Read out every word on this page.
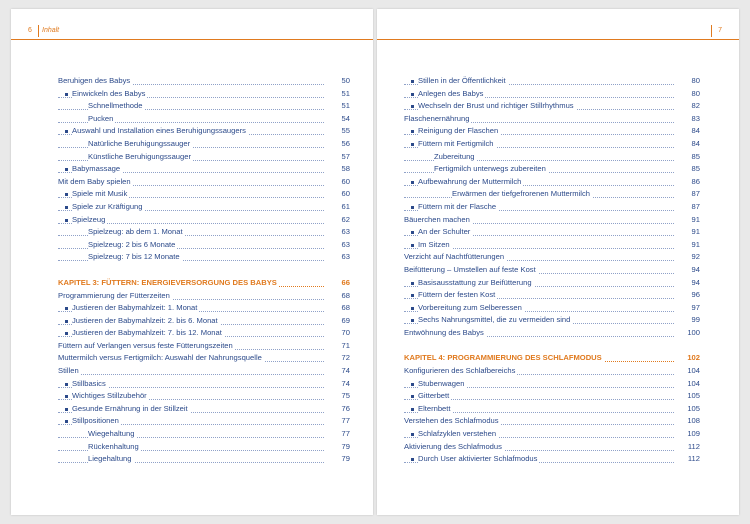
6 Inhalt
Beruhigen des Babys	50
Einwickeln des Babys	51
Schnellmethode	51
Pucken	54
Auswahl und Installation eines Beruhigungssaugers	55
Natürliche Beruhigungssauger	56
Künstliche Beruhigungssauger	57
Babymassage	58
Mit dem Baby spielen	60
Spiele mit Musik	60
Spiele zur Kräftigung	61
Spielzeug	62
Spielzeug: ab dem 1. Monat	63
Spielzeug: 2 bis 6 Monate	63
Spielzeug: 7 bis 12 Monate	63
KAPITEL 3: FÜTTERN: ENERGIEVERSORGUNG DES BABYS	66
Programmierung der Fütterzeiten	68
Justieren der Babymahlzeit: 1. Monat	68
Justieren der Babymahlzeit: 2. bis 6. Monat	69
Justieren der Babymahlzeit: 7. bis 12. Monat	70
Füttern auf Verlangen versus feste Fütterungszeiten	71
Muttermilch versus Fertigmilch: Auswahl der Nahrungsquelle	72
Stillen	74
Stillbasics	74
Wichtiges Stillzubehör	75
Gesunde Ernährung in der Stillzeit	76
Stillpositionen	77
Wiegehaltung	77
Rückenhaltung	79
Liegehaltung	79
7
Stillen in der Öffentlichkeit	80
Anlegen des Babys	80
Wechseln der Brust und richtiger Stillrhythmus	82
Flaschenernährung	83
Reinigung der Flaschen	84
Füttern mit Fertigmilch	84
Zubereitung	85
Fertigmilch unterwegs zubereiten	85
Aufbewahrung der Muttermilch	86
Erwärmen der tiefgefrorenen Muttermilch	87
Füttern mit der Flasche	87
Bäuerchen machen	91
An der Schulter	91
Im Sitzen	91
Verzicht auf Nachtfütterungen	92
Beifütterung – Umstellen auf feste Kost	94
Basisausstattung zur Beifütterung	94
Füttern der festen Kost	96
Vorbereitung zum Selberessen	97
Sechs Nahrungsmittel, die zu vermeiden sind	99
Entwöhnung des Babys	100
KAPITEL 4: PROGRAMMIERUNG DES SCHLAFMODUS	102
Konfigurieren des Schlafbereichs	104
Stubenwagen	104
Gitterbett	105
Elternbett	105
Verstehen des Schlafmodus	108
Schlafzyklen verstehen	109
Aktivierung des Schlafmodus	112
Durch User aktivierter Schlafmodus	112
